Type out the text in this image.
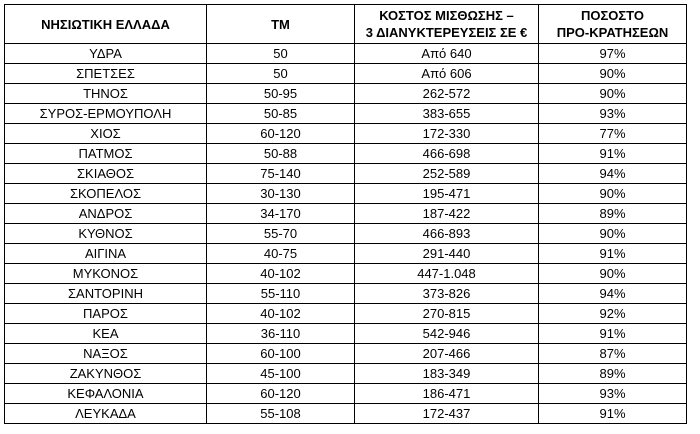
ΝΗΣΙΩΤΙΚΗ ΕΛΛΑΔΑ	ΤΜ	ΚΟΣΤΟΣ ΜΙΣΘΩΣΗΣ –
3 ΔΙΑΝΥΚΤΕΡΕΥΣΕΙΣ ΣΕ €	ΠΟΣΟΣΤΟ
ΠΡΟ-ΚΡΑΤΗΣΕΩΝ
ΥΔΡΑ	50	Από 640	97%
ΣΠΕΤΣΕΣ	50	Από 606	90%
ΤΗΝΟΣ	50-95	262-572	90%
ΣΥΡΟΣ-ΕΡΜΟΥΠΟΛΗ	50-85	383-655	93%
ΧΙΟΣ	60-120	172-330	77%
ΠΑΤΜΟΣ	50-88	466-698	91%
ΣΚΙΑΘΟΣ	75-140	252-589	94%
ΣΚΟΠΕΛΟΣ	30-130	195-471	90%
ΑΝΔΡΟΣ	34-170	187-422	89%
ΚΥΘΝΟΣ	55-70	466-893	90%
ΑΙΓΙΝΑ	40-75	291-440	91%
ΜΥΚΟΝΟΣ	40-102	447-1.048	90%
ΣΑΝΤΟΡΙΝΗ	55-110	373-826	94%
ΠΑΡΟΣ	40-102	270-815	92%
ΚΕΑ	36-110	542-946	91%
ΝΑΞΟΣ	60-100	207-466	87%
ΖΑΚΥΝΘΟΣ	45-100	183-349	89%
ΚΕΦΑΛΟΝΙΑ	60-120	186-471	93%
ΛΕΥΚΑΔΑ	55-108	172-437	91%
